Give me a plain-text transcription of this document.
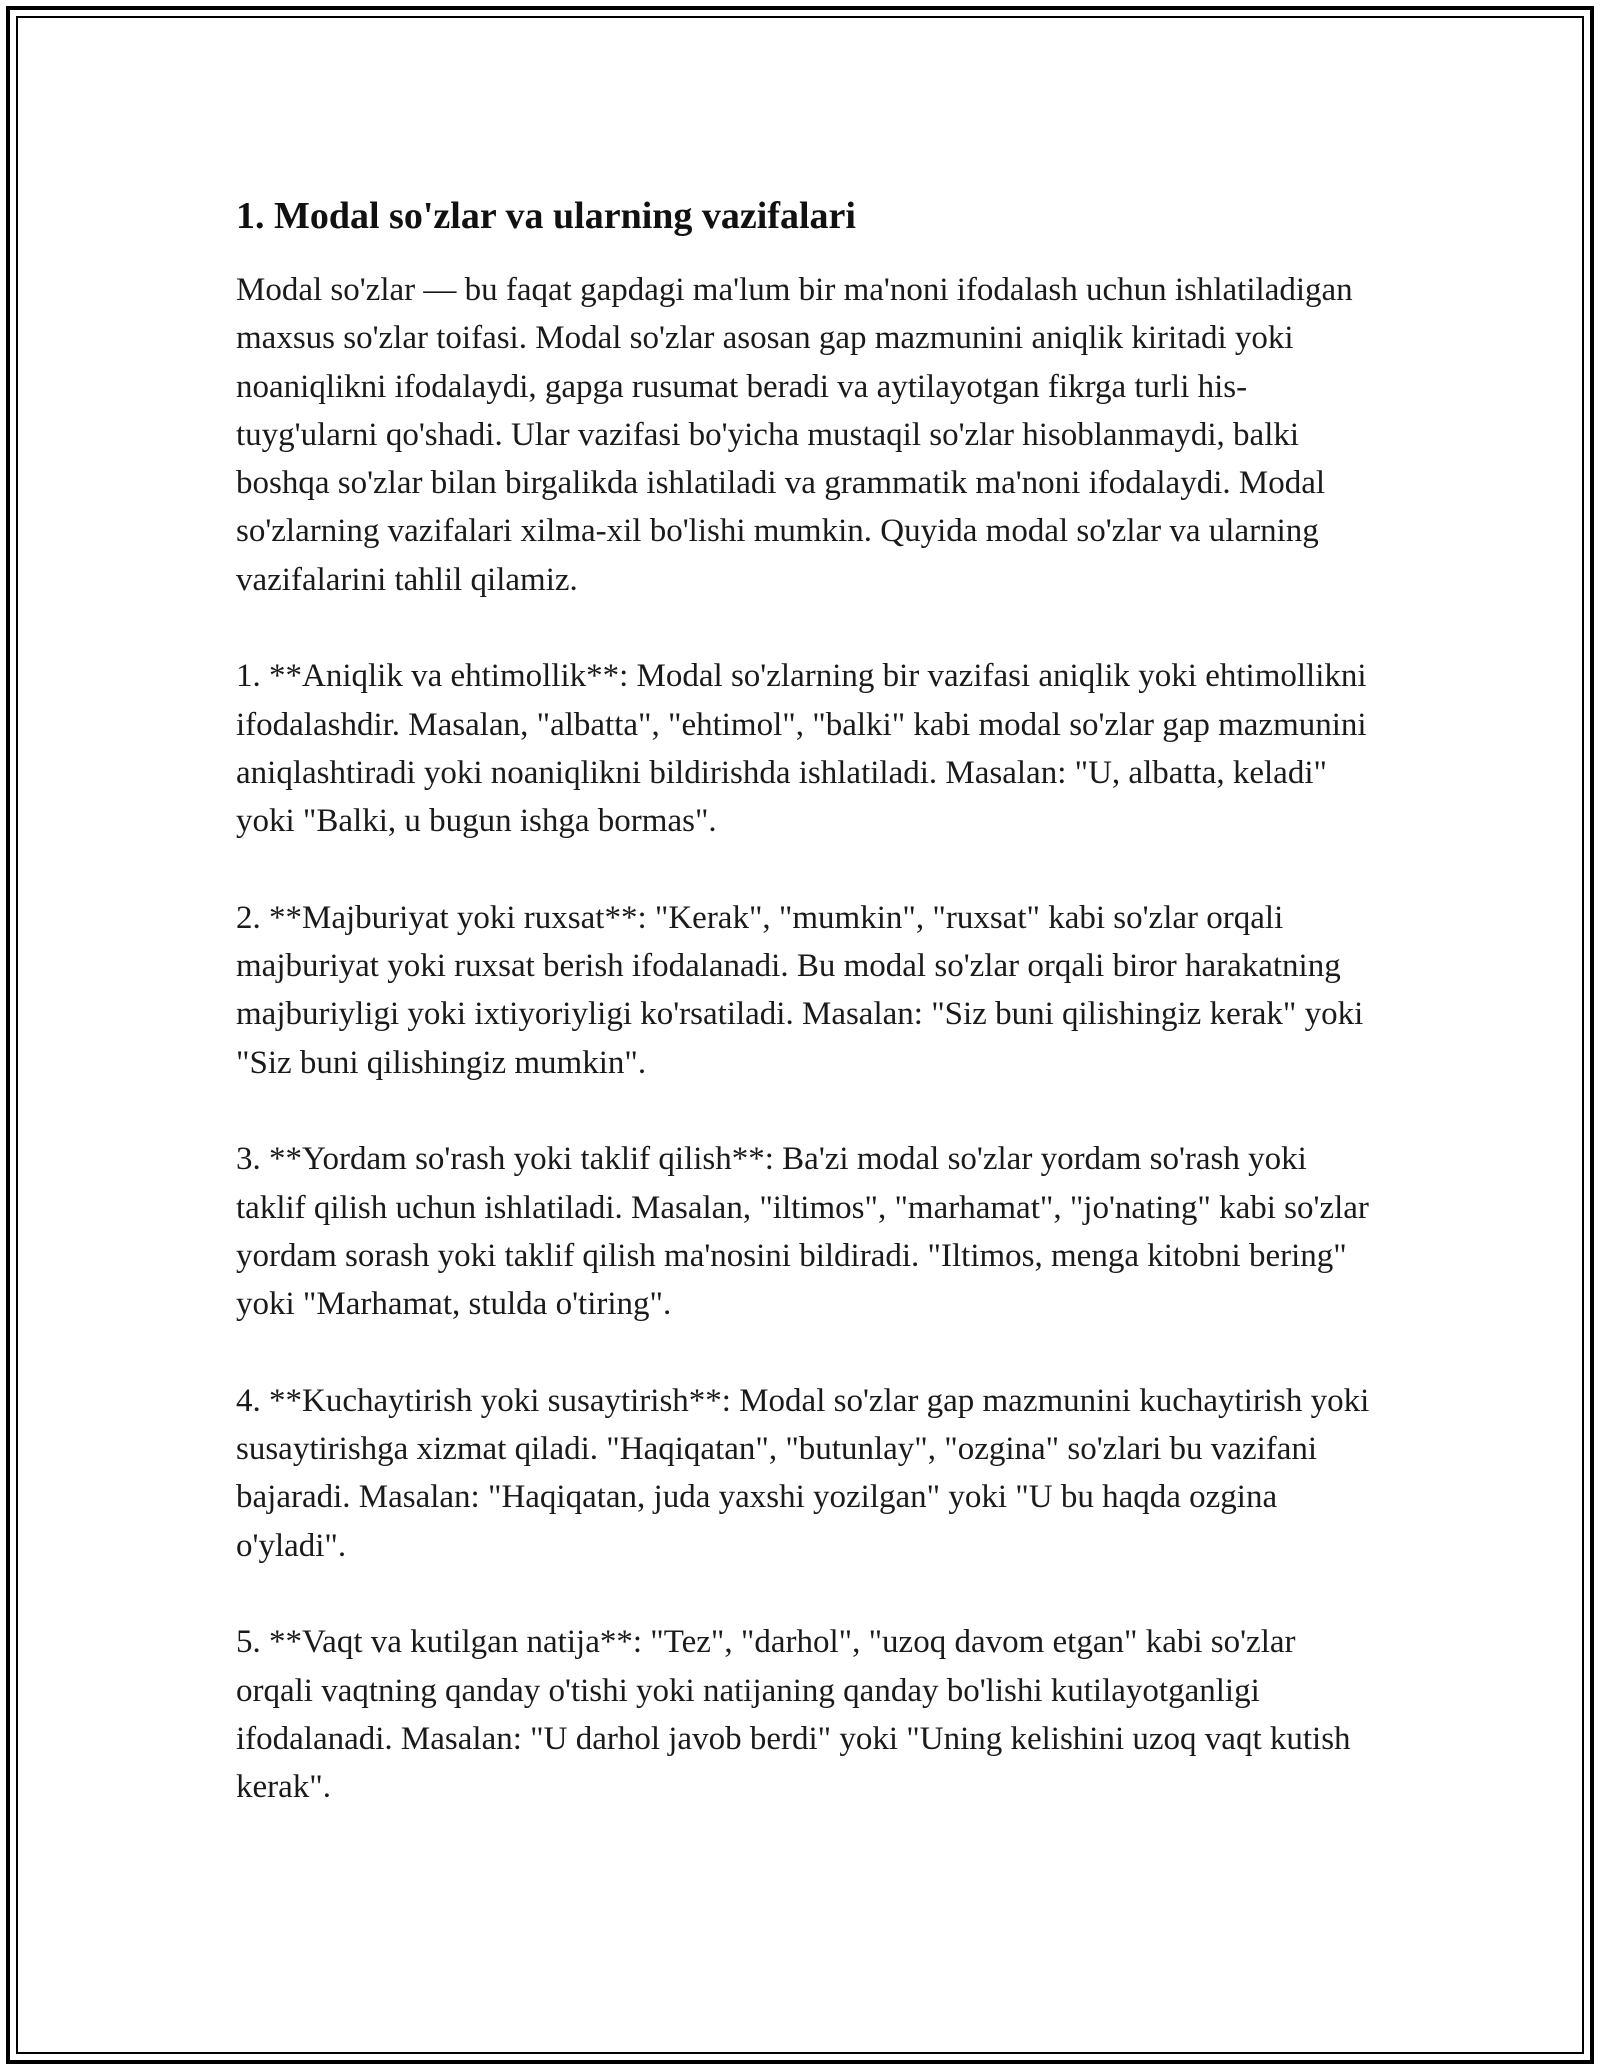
1. Modal so'zlar va ularning vazifalari

Modal so'zlar — bu faqat gapdagi ma'lum bir ma'noni ifodalash uchun ishlatiladigan maxsus so'zlar toifasi. Modal so'zlar asosan gap mazmunini aniqlik kiritadi yoki noaniqlikni ifodalaydi, gapga rusumat beradi va aytilayotgan fikrga turli his-tuyg'ularni qo'shadi. Ular vazifasi bo'yicha mustaqil so'zlar hisoblanmaydi, balki boshqa so'zlar bilan birgalikda ishlatiladi va grammatik ma'noni ifodalaydi. Modal so'zlarning vazifalari xilma-xil bo'lishi mumkin. Quyida modal so'zlar va ularning vazifalarini tahlil qilamiz.

1. **Aniqlik va ehtimollik**: Modal so'zlarning bir vazifasi aniqlik yoki ehtimollikni ifodalashdir. Masalan, "albatta", "ehtimol", "balki" kabi modal so'zlar gap mazmunini aniqlashtiradi yoki noaniqlikni bildirishda ishlatiladi. Masalan: "U, albatta, keladi" yoki "Balki, u bugun ishga bormas".

2. **Majburiyat yoki ruxsat**: "Kerak", "mumkin", "ruxsat" kabi so'zlar orqali majburiyat yoki ruxsat berish ifodalanadi. Bu modal so'zlar orqali biror harakatning majburiyligi yoki ixtiyoriyligi ko'rsatiladi. Masalan: "Siz buni qilishingiz kerak" yoki "Siz buni qilishingiz mumkin".

3. **Yordam so'rash yoki taklif qilish**: Ba'zi modal so'zlar yordam so'rash yoki taklif qilish uchun ishlatiladi. Masalan, "iltimos", "marhamat", "jo'nating" kabi so'zlar yordam sorash yoki taklif qilish ma'nosini bildiradi. "Iltimos, menga kitobni bering" yoki "Marhamat, stulda o'tiring".

4. **Kuchaytirish yoki susaytirish**: Modal so'zlar gap mazmunini kuchaytirish yoki susaytirishga xizmat qiladi. "Haqiqatan", "butunlay", "ozgina" so'zlari bu vazifani bajaradi. Masalan: "Haqiqatan, juda yaxshi yozilgan" yoki "U bu haqda ozgina o'yladi".

5. **Vaqt va kutilgan natija**: "Tez", "darhol", "uzoq davom etgan" kabi so'zlar orqali vaqtning qanday o'tishi yoki natijaning qanday bo'lishi kutilayotganligi ifodalanadi. Masalan: "U darhol javob berdi" yoki "Uning kelishini uzoq vaqt kutish kerak".
